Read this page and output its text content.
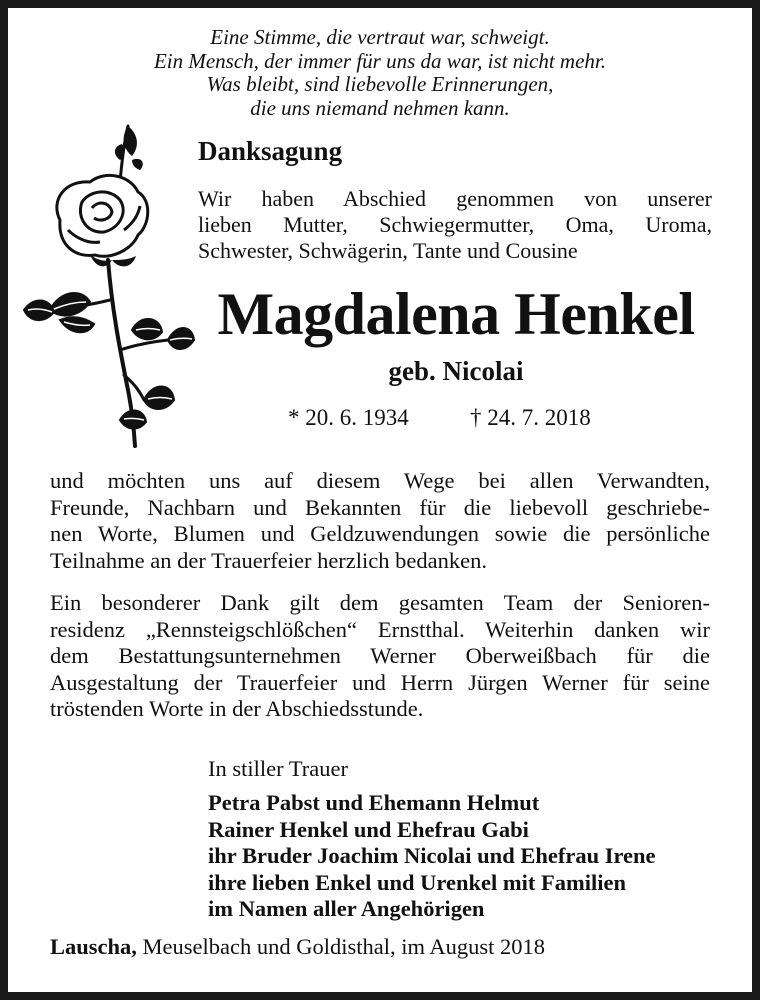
Eine Stimme, die vertraut war, schweigt.
Ein Mensch, der immer für uns da war, ist nicht mehr.
Was bleibt, sind liebevolle Erinnerungen,
die uns niemand nehmen kann.
Danksagung
Wir haben Abschied genommen von unserer
lieben Mutter, Schwiegermutter, Oma, Uroma,
Schwester, Schwägerin, Tante und Cousine
Magdalena Henkel
geb. Nicolai
* 20. 6. 1934	† 24. 7. 2018
und möchten uns auf diesem Wege bei allen Verwandten,
Freunde, Nachbarn und Bekannten für die liebevoll geschriebe-
nen Worte, Blumen und Geldzuwendungen sowie die persönliche
Teilnahme an der Trauerfeier herzlich bedanken.
Ein besonderer Dank gilt dem gesamten Team der Senioren-
residenz „Rennsteigschlößchen“ Ernstthal. Weiterhin danken wir
dem Bestattungsunternehmen Werner Oberweißbach für die
Ausgestaltung der Trauerfeier und Herrn Jürgen Werner für seine
tröstenden Worte in der Abschiedsstunde.
In stiller Trauer
Petra Pabst und Ehemann Helmut
Rainer Henkel und Ehefrau Gabi
ihr Bruder Joachim Nicolai und Ehefrau Irene
ihre lieben Enkel und Urenkel mit Familien
im Namen aller Angehörigen
Lauscha, Meuselbach und Goldisthal, im August 2018
